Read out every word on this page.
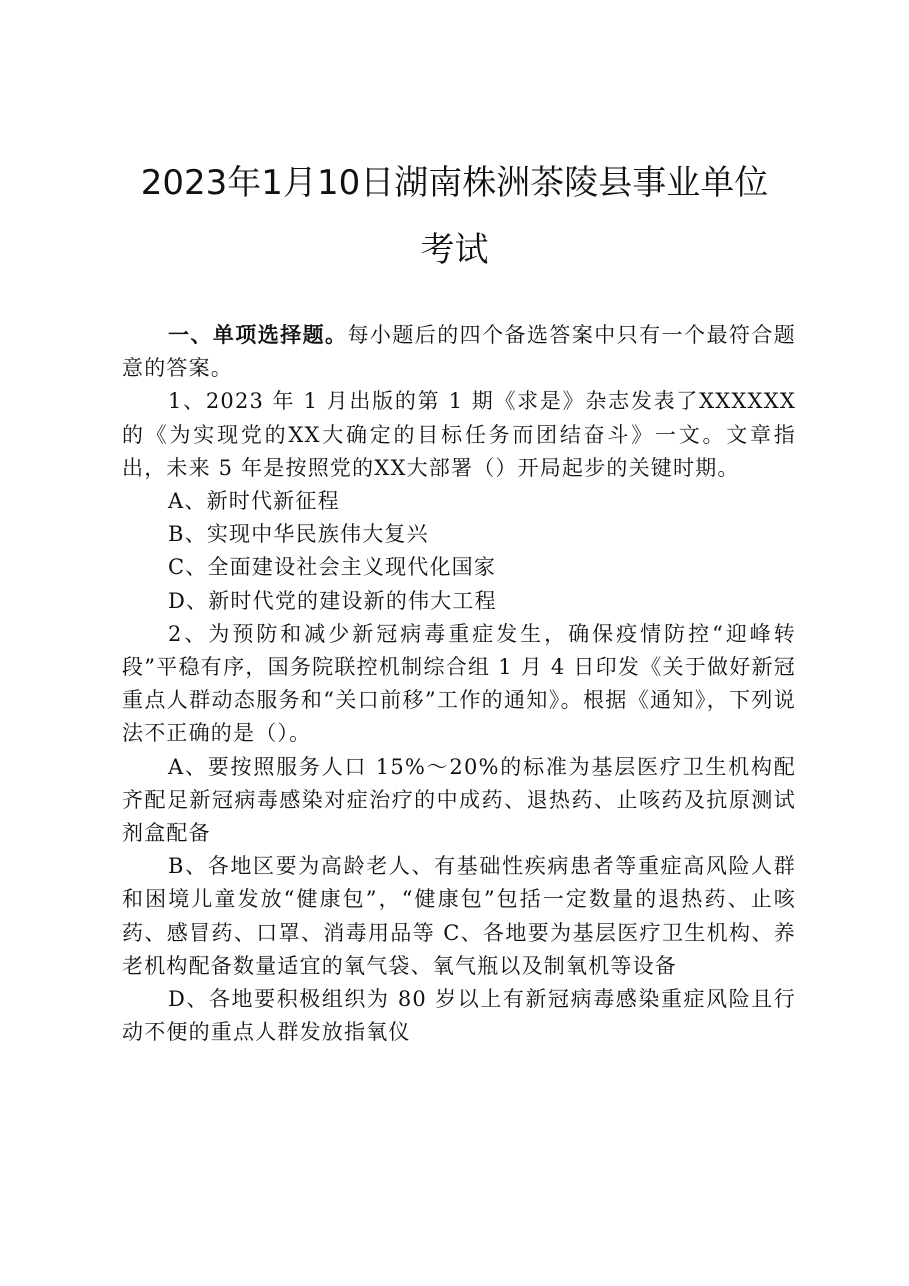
2023年1月10日湖南株洲茶陵县事业单位
考试

一、单项选择题。每小题后的四个备选答案中只有一个最符合题意的答案。

1、2023 年 1 月出版的第 1 期《求是》杂志发表了XXXXXX的《为实现党的XX大确定的目标任务而团结奋斗》一文。文章指出，未来 5 年是按照党的XX大部署（）开局起步的关键时期。

A、新时代新征程

B、实现中华民族伟大复兴

C、全面建设社会主义现代化国家

D、新时代党的建设新的伟大工程

2、为预防和减少新冠病毒重症发生，确保疫情防控“迎峰转段”平稳有序，国务院联控机制综合组 1 月 4 日印发《关于做好新冠重点人群动态服务和“关口前移”工作的通知》。根据《通知》，下列说法不正确的是（）。

A、要按照服务人口 15%～20%的标准为基层医疗卫生机构配齐配足新冠病毒感染对症治疗的中成药、退热药、止咳药及抗原测试剂盒配备

B、各地区要为高龄老人、有基础性疾病患者等重症高风险人群和困境儿童发放“健康包”，“健康包”包括一定数量的退热药、止咳药、感冒药、口罩、消毒用品等 C、各地要为基层医疗卫生机构、养老机构配备数量适宜的氧气袋、氧气瓶以及制氧机等设备

D、各地要积极组织为 80 岁以上有新冠病毒感染重症风险且行动不便的重点人群发放指氧仪
